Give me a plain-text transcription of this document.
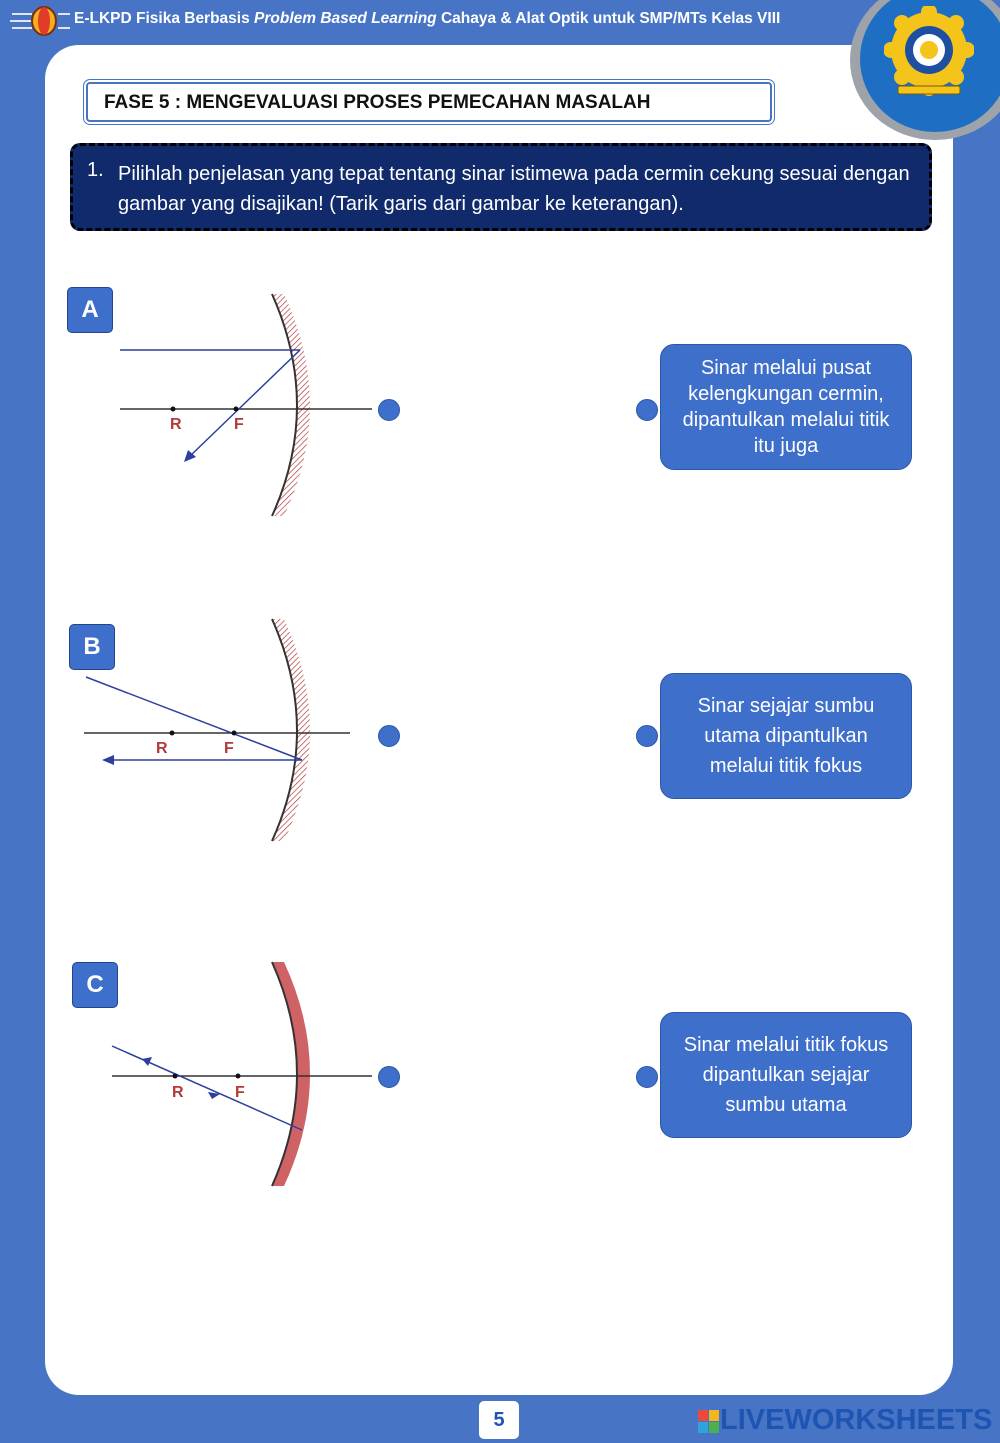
E-LKPD Fisika Berbasis Problem Based Learning Cahaya & Alat Optik untuk SMP/MTs Kelas VIII
FASE 5 : MENGEVALUASI PROSES PEMECAHAN MASALAH
1. Pilihlah penjelasan yang tepat tentang sinar istimewa pada cermin cekung sesuai dengan gambar yang disajikan! (Tarik garis dari gambar ke keterangan).
A
R	F
B
R	F
C
R	F
Sinar melalui pusat kelengkungan cermin, dipantulkan melalui titik itu juga
Sinar sejajar sumbu utama dipantulkan melalui titik fokus
Sinar melalui titik fokus dipantulkan sejajar sumbu utama
5	LIVEWORKSHEETS
